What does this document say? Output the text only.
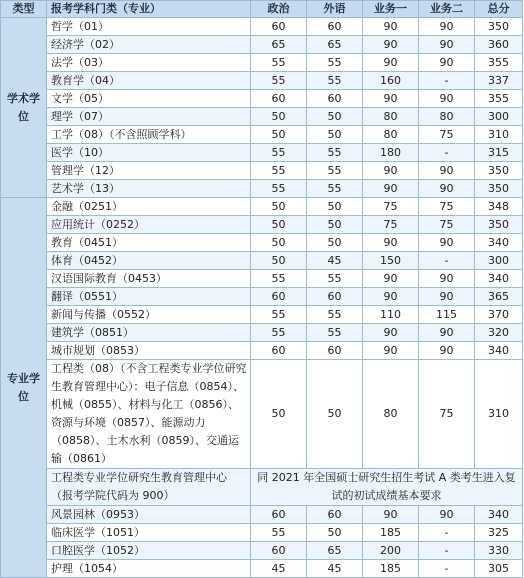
类型	报考学科门类（专业）	政治	外语	业务一	业务二	总分
学术学位	哲学（01）	60	60	90	90	350
	经济学（02）	65	65	90	90	360
	法学（03）	55	55	90	90	355
	教育学（04）	55	55	160	-	337
	文学（05）	60	60	90	90	355
	理学（07）	50	50	80	80	300
	工学（08）（不含照顾学科）	50	50	80	75	310
	医学（10）	55	55	180	-	315
	管理学（12）	55	55	90	90	350
	艺术学（13）	55	55	90	90	350
专业学位	金融（0251）	50	50	75	75	348
	应用统计（0252）	50	50	75	75	350
	教育（0451）	50	50	90	90	340
	体育（0452）	50	45	150	-	300
	汉语国际教育（0453）	55	55	90	90	340
	翻译（0551）	60	60	90	90	365
	新闻与传播（0552）	55	55	110	115	370
	建筑学（0851）	55	55	90	90	320
	城市规划（0853）	60	60	90	90	340
	工程类（08）（不含工程类专业学位研究生教育管理中心）：电子信息（0854）、机械（0855）、材料与化工（0856）、资源与环境（0857）、能源动力（0858）、土木水利（0859）、交通运输（0861）	50	50	80	75	310
	工程类专业学位研究生教育管理中心（报考学院代码为 900）	同 2021 年全国硕士研究生招生考试 A 类考生进入复试的初试成绩基本要求				
	风景园林（0953）	60	60	90	90	340
	临床医学（1051）	55	50	185	-	325
	口腔医学（1052）	60	65	200	-	330
	护理（1054）	45	45	185	-	305
